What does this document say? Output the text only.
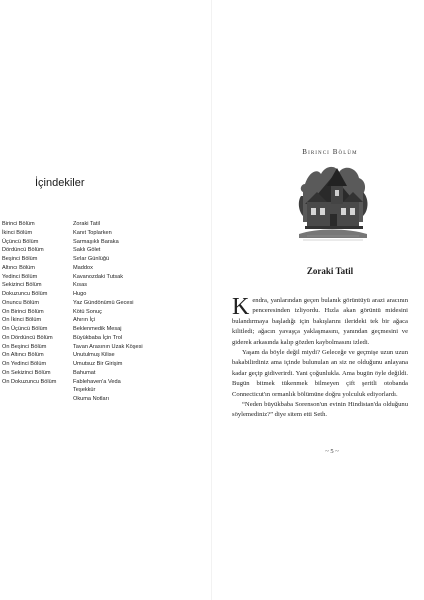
İçindekiler
Birinci Bölüm
İkinci Bölüm
Üçüncü Bölüm
Dördüncü Bölüm
Beşinci Bölüm
Altıncı Bölüm
Yedinci Bölüm
Sekizinci Bölüm
Dokuzuncu Bölüm
Onuncu Bölüm
On Birinci Bölüm
On İkinci Bölüm
On Üçüncü Bölüm
On Dördüncü Bölüm
On Beşinci Bölüm
On Altıncı Bölüm
On Yedinci Bölüm
On Sekizinci Bölüm
On Dokuzuncu Bölüm
Zoraki Tatil
Kanıt Toplarken
Sarmaşıklı Baraka
Saklı Gölet
Sırlar Günlüğü
Maddox
Kavanozdaki Tutsak
Kısas
Hugo
Yaz Gündönümü Gecesi
Kötü Sonuç
Ahırın İçi
Beklenmedik Mesaj
Büyükbaba İçin Trol
Tavan Arasının Uzak Köşesi
Unutulmuş Kilise
Umutsuz Bir Girişim
Bahumat
Fablehaven'a Veda
Teşekkür
Okuma Notları
Birinci Bölüm
Zoraki Tatil

Kendra, yanlarından geçen bulanık görüntüyü arazi aracının penceresinden izliyordu. Hızla akan görüntü midesini bulandırmaya başladığı için bakışlarını ilerideki tek bir ağaca kilitledi; ağacın yavaşça yaklaşmasını, yanından geçmesini ve giderek arkasında kalıp gözden kaybolmasını izledi.

Yaşam da böyle değil miydi? Geleceğe ve geçmişe uzun uzun bakabilirdiniz ama içinde bulunulan an siz ne olduğunu anlayana kadar geçip gidiverirdi. Yani çoğunlukla. Ama bugün öyle değildi. Bugün bitmek tükenmek bilmeyen çift şeritli otobanda Connecticut'ın ormanlık bölümüne doğru yolculuk ediyorlardı.

“Neden büyükbaba Sorenson'un evinin Hindistan'da olduğunu söylemediniz?” diye sitem etti Seth.

~ 5 ~
